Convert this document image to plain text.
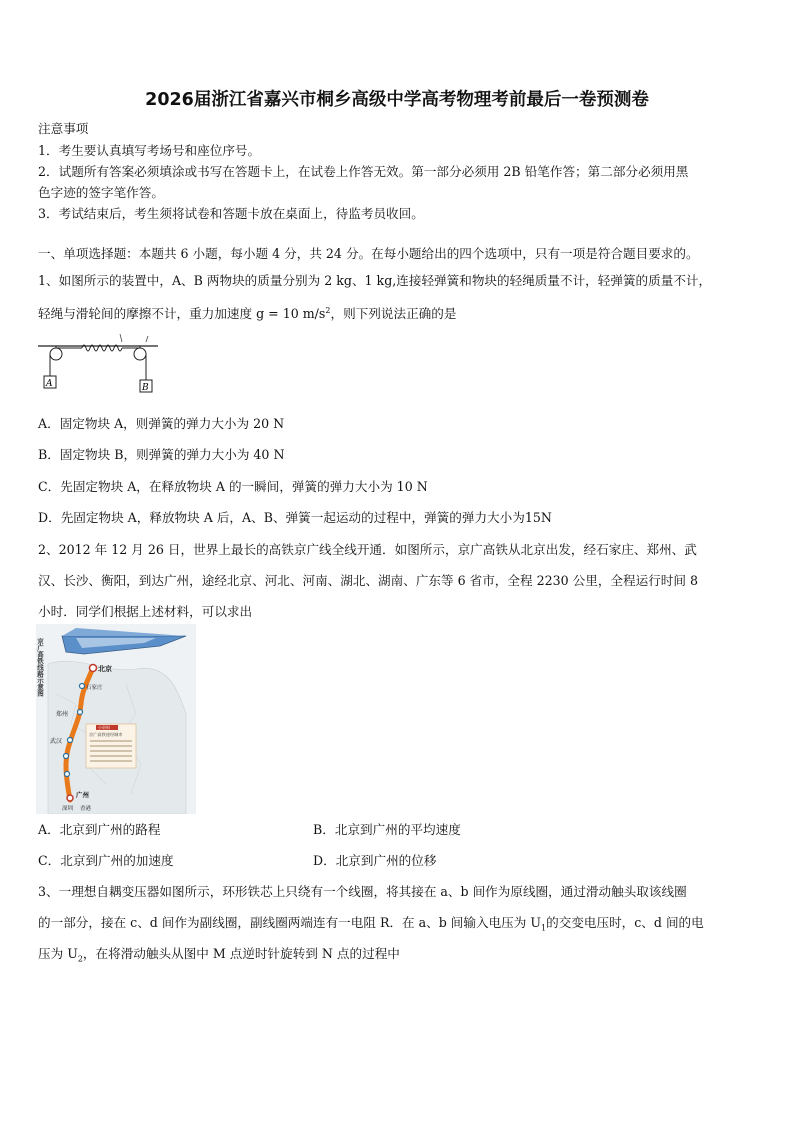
2026届浙江省嘉兴市桐乡高级中学高考物理考前最后一卷预测卷
注意事项
1．考生要认真填写考场号和座位序号。
2．试题所有答案必须填涂或书写在答题卡上，在试卷上作答无效。第一部分必须用 2B 铅笔作答；第二部分必须用黑
色字迹的签字笔作答。
3．考试结束后，考生须将试卷和答题卡放在桌面上，待监考员收回。
一、单项选择题：本题共 6 小题，每小题 4 分，共 24 分。在每小题给出的四个选项中，只有一项是符合题目要求的。
1、如图所示的装置中，A、B 两物块的质量分别为 2 kg、1 kg,连接轻弹簧和物块的轻绳质量不计，轻弹簧的质量不计，
轻绳与滑轮间的摩擦不计，重力加速度 g = 10 $m/s^2$，则下列说法正确的是
A	B
A．固定物块 A，则弹簧的弹力大小为 20 N
B．固定物块 B，则弹簧的弹力大小为 40 N
C．先固定物块 A，在释放物块 A 的一瞬间，弹簧的弹力大小为 10 N
D．先固定物块 A，释放物块 A 后，A、B、弹簧一起运动的过程中，弹簧的弹力大小为15N
2、2012 年 12 月 26 日，世界上最长的高铁京广线全线开通．如图所示，京广高铁从北京出发，经石家庄、郑州、武
汉、长沙、衡阳，到达广州，途经北京、河北、河南、湖北、湖南、广东等 6 省市，全程 2230 公里，全程运行时间 8
小时．同学们根据上述材料，可以求出
京广高铁线路示意图	北京
石家庄
郑州
武汉
广州
深圳 香港
小资料
京广高铁途经城市
A．北京到广州的路程	B．北京到广州的平均速度
C．北京到广州的加速度	D．北京到广州的位移
3、一理想自耦变压器如图所示，环形铁芯上只绕有一个线圈，将其接在 a、b 间作为原线圈，通过滑动触头取该线圈
的一部分，接在 c、d 间作为副线圈，副线圈两端连有一电阻 R．在 a、b 间输入电压为 $U_1$的交变电压时，c、d 间的电
压为 $U_2$，在将滑动触头从图中 M 点逆时针旋转到 N 点的过程中
